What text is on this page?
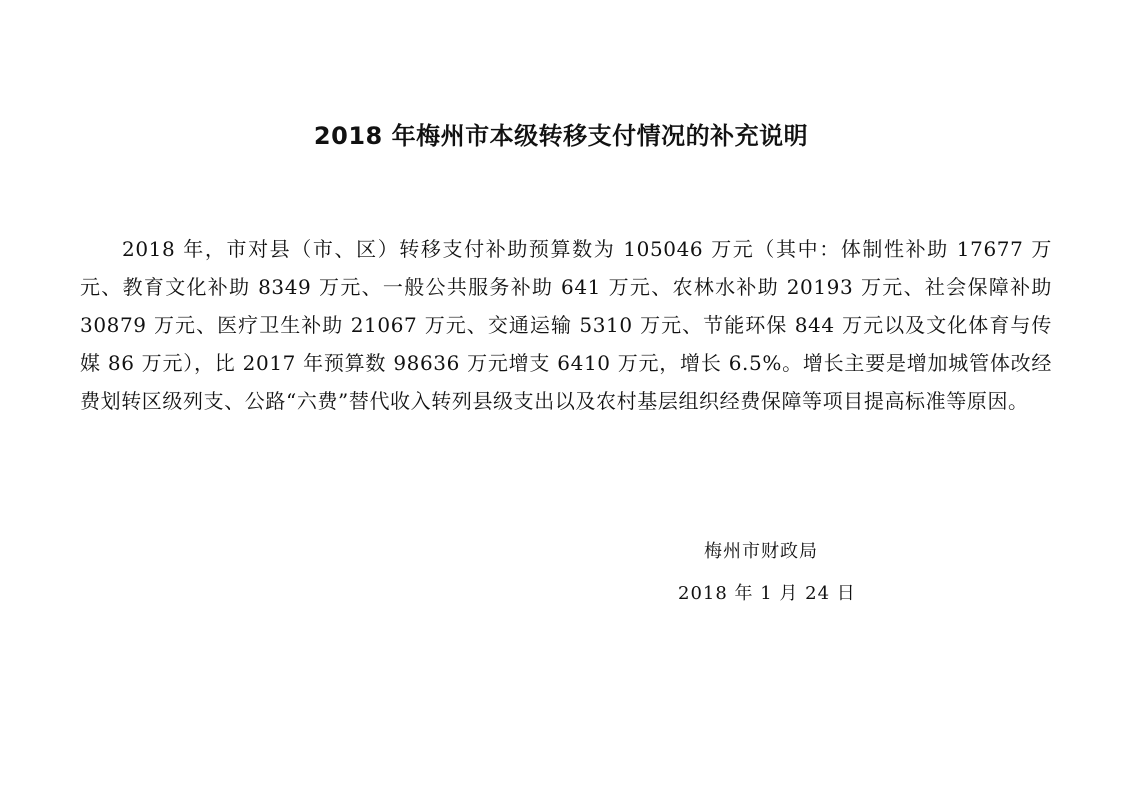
2018 年梅州市本级转移支付情况的补充说明

2018 年，市对县（市、区）转移支付补助预算数为 105046 万元（其中：体制性补助 17677 万元、教育文化补助 8349 万元、一般公共服务补助 641 万元、农林水补助 20193 万元、社会保障补助 30879 万元、医疗卫生补助 21067 万元、交通运输 5310 万元、节能环保 844 万元以及文化体育与传媒 86 万元），比 2017 年预算数 98636 万元增支 6410 万元，增长 6.5%。增长主要是增加城管体改经费划转区级列支、公路“六费”替代收入转列县级支出以及农村基层组织经费保障等项目提高标准等原因。

梅州市财政局
2018 年 1 月 24 日
